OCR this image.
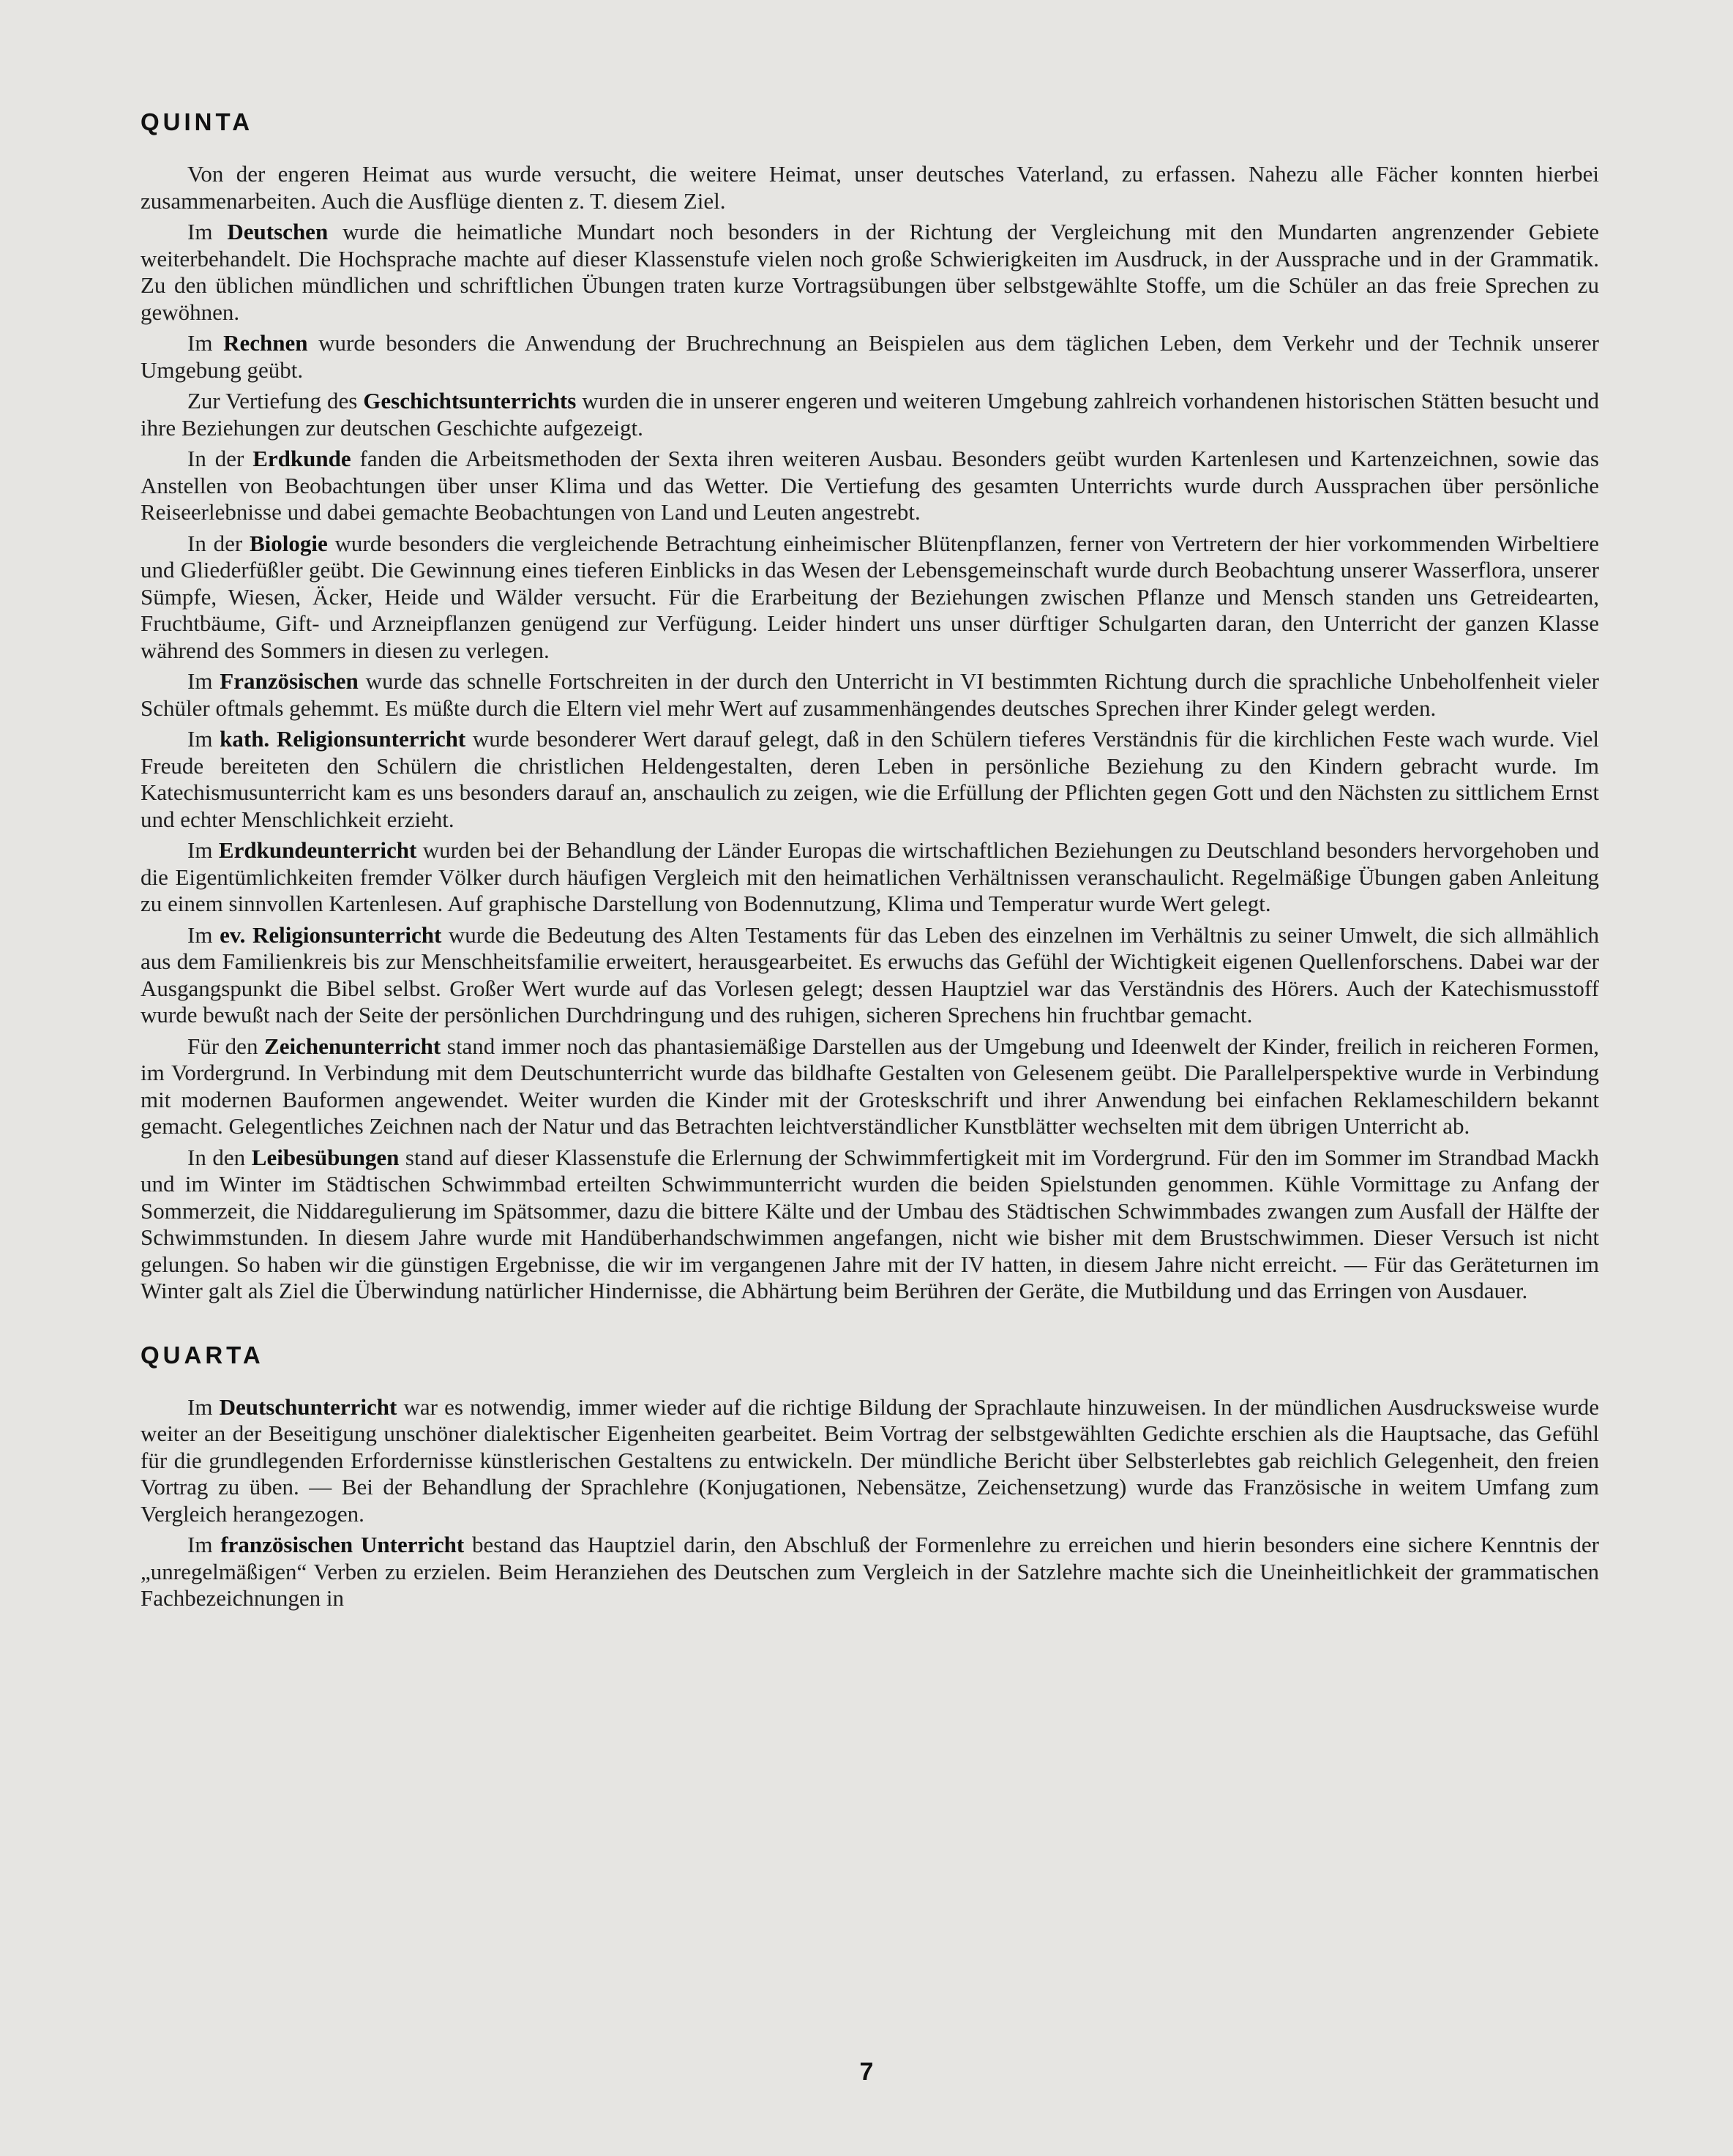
QUINTA

Von der engeren Heimat aus wurde versucht, die weitere Heimat, unser deutsches Vaterland, zu erfassen. Nahezu alle Fächer konnten hierbei zusammenarbeiten. Auch die Ausflüge dienten z. T. diesem Ziel.

Im Deutschen wurde die heimatliche Mundart noch besonders in der Richtung der Vergleichung mit den Mundarten angrenzender Gebiete weiterbehandelt. Die Hochsprache machte auf dieser Klassenstufe vielen noch große Schwierigkeiten im Ausdruck, in der Aussprache und in der Grammatik. Zu den üblichen mündlichen und schriftlichen Übungen traten kurze Vortragsübungen über selbstgewählte Stoffe, um die Schüler an das freie Sprechen zu gewöhnen.

Im Rechnen wurde besonders die Anwendung der Bruchrechnung an Beispielen aus dem täglichen Leben, dem Verkehr und der Technik unserer Umgebung geübt.

Zur Vertiefung des Geschichtsunterrichts wurden die in unserer engeren und weiteren Umgebung zahlreich vorhandenen historischen Stätten besucht und ihre Beziehungen zur deutschen Geschichte aufgezeigt.

In der Erdkunde fanden die Arbeitsmethoden der Sexta ihren weiteren Ausbau. Besonders geübt wurden Kartenlesen und Kartenzeichnen, sowie das Anstellen von Beobachtungen über unser Klima und das Wetter. Die Vertiefung des gesamten Unterrichts wurde durch Aussprachen über persönliche Reiseerlebnisse und dabei gemachte Beobachtungen von Land und Leuten angestrebt.

In der Biologie wurde besonders die vergleichende Betrachtung einheimischer Blütenpflanzen, ferner von Vertretern der hier vorkommenden Wirbeltiere und Gliederfüßler geübt. Die Gewinnung eines tieferen Einblicks in das Wesen der Lebensgemeinschaft wurde durch Beobachtung unserer Wasserflora, unserer Sümpfe, Wiesen, Äcker, Heide und Wälder versucht. Für die Erarbeitung der Beziehungen zwischen Pflanze und Mensch standen uns Getreidearten, Fruchtbäume, Gift- und Arzneipflanzen genügend zur Verfügung. Leider hindert uns unser dürftiger Schulgarten daran, den Unterricht der ganzen Klasse während des Sommers in diesen zu verlegen.

Im Französischen wurde das schnelle Fortschreiten in der durch den Unterricht in VI bestimmten Richtung durch die sprachliche Unbeholfenheit vieler Schüler oftmals gehemmt. Es müßte durch die Eltern viel mehr Wert auf zusammenhängendes deutsches Sprechen ihrer Kinder gelegt werden.

Im kath. Religionsunterricht wurde besonderer Wert darauf gelegt, daß in den Schülern tieferes Verständnis für die kirchlichen Feste wach wurde. Viel Freude bereiteten den Schülern die christlichen Heldengestalten, deren Leben in persönliche Beziehung zu den Kindern gebracht wurde. Im Katechismusunterricht kam es uns besonders darauf an, anschaulich zu zeigen, wie die Erfüllung der Pflichten gegen Gott und den Nächsten zu sittlichem Ernst und echter Menschlichkeit erzieht.

Im Erdkundeunterricht wurden bei der Behandlung der Länder Europas die wirtschaftlichen Beziehungen zu Deutschland besonders hervorgehoben und die Eigentümlichkeiten fremder Völker durch häufigen Vergleich mit den heimatlichen Verhältnissen veranschaulicht. Regelmäßige Übungen gaben Anleitung zu einem sinnvollen Kartenlesen. Auf graphische Darstellung von Bodennutzung, Klima und Temperatur wurde Wert gelegt.

Im ev. Religionsunterricht wurde die Bedeutung des Alten Testaments für das Leben des einzelnen im Verhältnis zu seiner Umwelt, die sich allmählich aus dem Familienkreis bis zur Menschheitsfamilie erweitert, herausgearbeitet. Es erwuchs das Gefühl der Wichtigkeit eigenen Quellenforschens. Dabei war der Ausgangspunkt die Bibel selbst. Großer Wert wurde auf das Vorlesen gelegt; dessen Hauptziel war das Verständnis des Hörers. Auch der Katechismusstoff wurde bewußt nach der Seite der persönlichen Durchdringung und des ruhigen, sicheren Sprechens hin fruchtbar gemacht.

Für den Zeichenunterricht stand immer noch das phantasiemäßige Darstellen aus der Umgebung und Ideenwelt der Kinder, freilich in reicheren Formen, im Vordergrund. In Verbindung mit dem Deutschunterricht wurde das bildhafte Gestalten von Gelesenem geübt. Die Parallelperspektive wurde in Verbindung mit modernen Bauformen angewendet. Weiter wurden die Kinder mit der Groteskschrift und ihrer Anwendung bei einfachen Reklameschildern bekannt gemacht. Gelegentliches Zeichnen nach der Natur und das Betrachten leichtverständlicher Kunstblätter wechselten mit dem übrigen Unterricht ab.

In den Leibesübungen stand auf dieser Klassenstufe die Erlernung der Schwimmfertigkeit mit im Vordergrund. Für den im Sommer im Strandbad Mackh und im Winter im Städtischen Schwimmbad erteilten Schwimmunterricht wurden die beiden Spielstunden genommen. Kühle Vormittage zu Anfang der Sommerzeit, die Niddaregulierung im Spätsommer, dazu die bittere Kälte und der Umbau des Städtischen Schwimmbades zwangen zum Ausfall der Hälfte der Schwimmstunden. In diesem Jahre wurde mit Handüberhandschwimmen angefangen, nicht wie bisher mit dem Brustschwimmen. Dieser Versuch ist nicht gelungen. So haben wir die günstigen Ergebnisse, die wir im vergangenen Jahre mit der IV hatten, in diesem Jahre nicht erreicht. — Für das Geräteturnen im Winter galt als Ziel die Überwindung natürlicher Hindernisse, die Abhärtung beim Berühren der Geräte, die Mutbildung und das Erringen von Ausdauer.

QUARTA

Im Deutschunterricht war es notwendig, immer wieder auf die richtige Bildung der Sprachlaute hinzuweisen. In der mündlichen Ausdrucksweise wurde weiter an der Beseitigung unschöner dialektischer Eigenheiten gearbeitet. Beim Vortrag der selbstgewählten Gedichte erschien als die Hauptsache, das Gefühl für die grundlegenden Erfordernisse künstlerischen Gestaltens zu entwickeln. Der mündliche Bericht über Selbsterlebtes gab reichlich Gelegenheit, den freien Vortrag zu üben. — Bei der Behandlung der Sprachlehre (Konjugationen, Nebensätze, Zeichensetzung) wurde das Französische in weitem Umfang zum Vergleich herangezogen.

Im französischen Unterricht bestand das Hauptziel darin, den Abschluß der Formenlehre zu erreichen und hierin besonders eine sichere Kenntnis der „unregelmäßigen“ Verben zu erzielen. Beim Heranziehen des Deutschen zum Vergleich in der Satzlehre machte sich die Uneinheitlichkeit der grammatischen Fachbezeichnungen in

7
